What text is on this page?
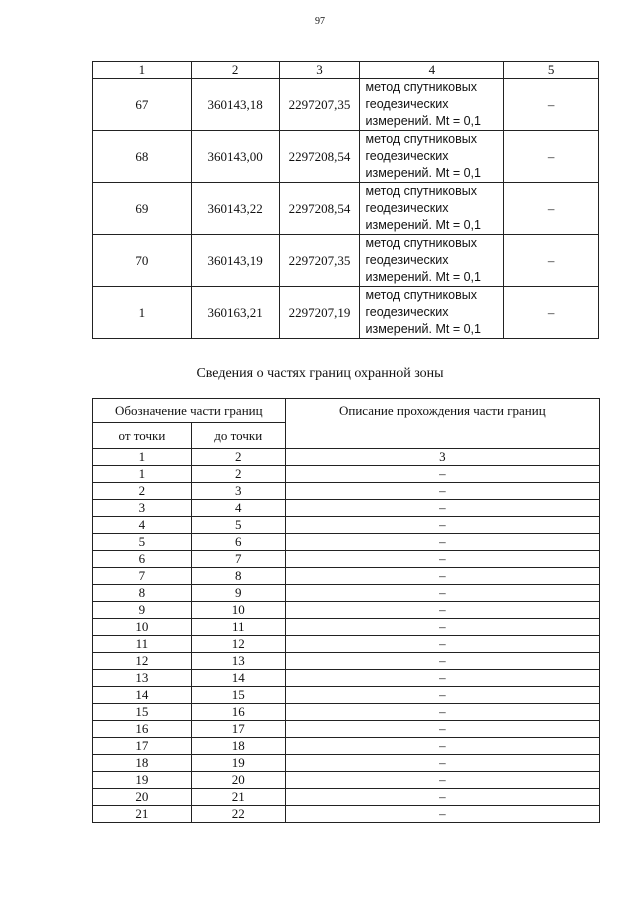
97
1	2	3	4	5
67	360143,18	2297207,35	метод спутниковых
геодезических
измерений. Mt = 0,1	–
68	360143,00	2297208,54	метод спутниковых
геодезических
измерений. Mt = 0,1	–
69	360143,22	2297208,54	метод спутниковых
геодезических
измерений. Mt = 0,1	–
70	360143,19	2297207,35	метод спутниковых
геодезических
измерений. Mt = 0,1	–
1	360163,21	2297207,19	метод спутниковых
геодезических
измерений. Mt = 0,1	–
Сведения о частях границ охранной зоны
Обозначение части границ		Описание прохождения части границ
от точки	до точки	
1	2	3
1	2	–
2	3	–
3	4	–
4	5	–
5	6	–
6	7	–
7	8	–
8	9	–
9	10	–
10	11	–
11	12	–
12	13	–
13	14	–
14	15	–
15	16	–
16	17	–
17	18	–
18	19	–
19	20	–
20	21	–
21	22	–
